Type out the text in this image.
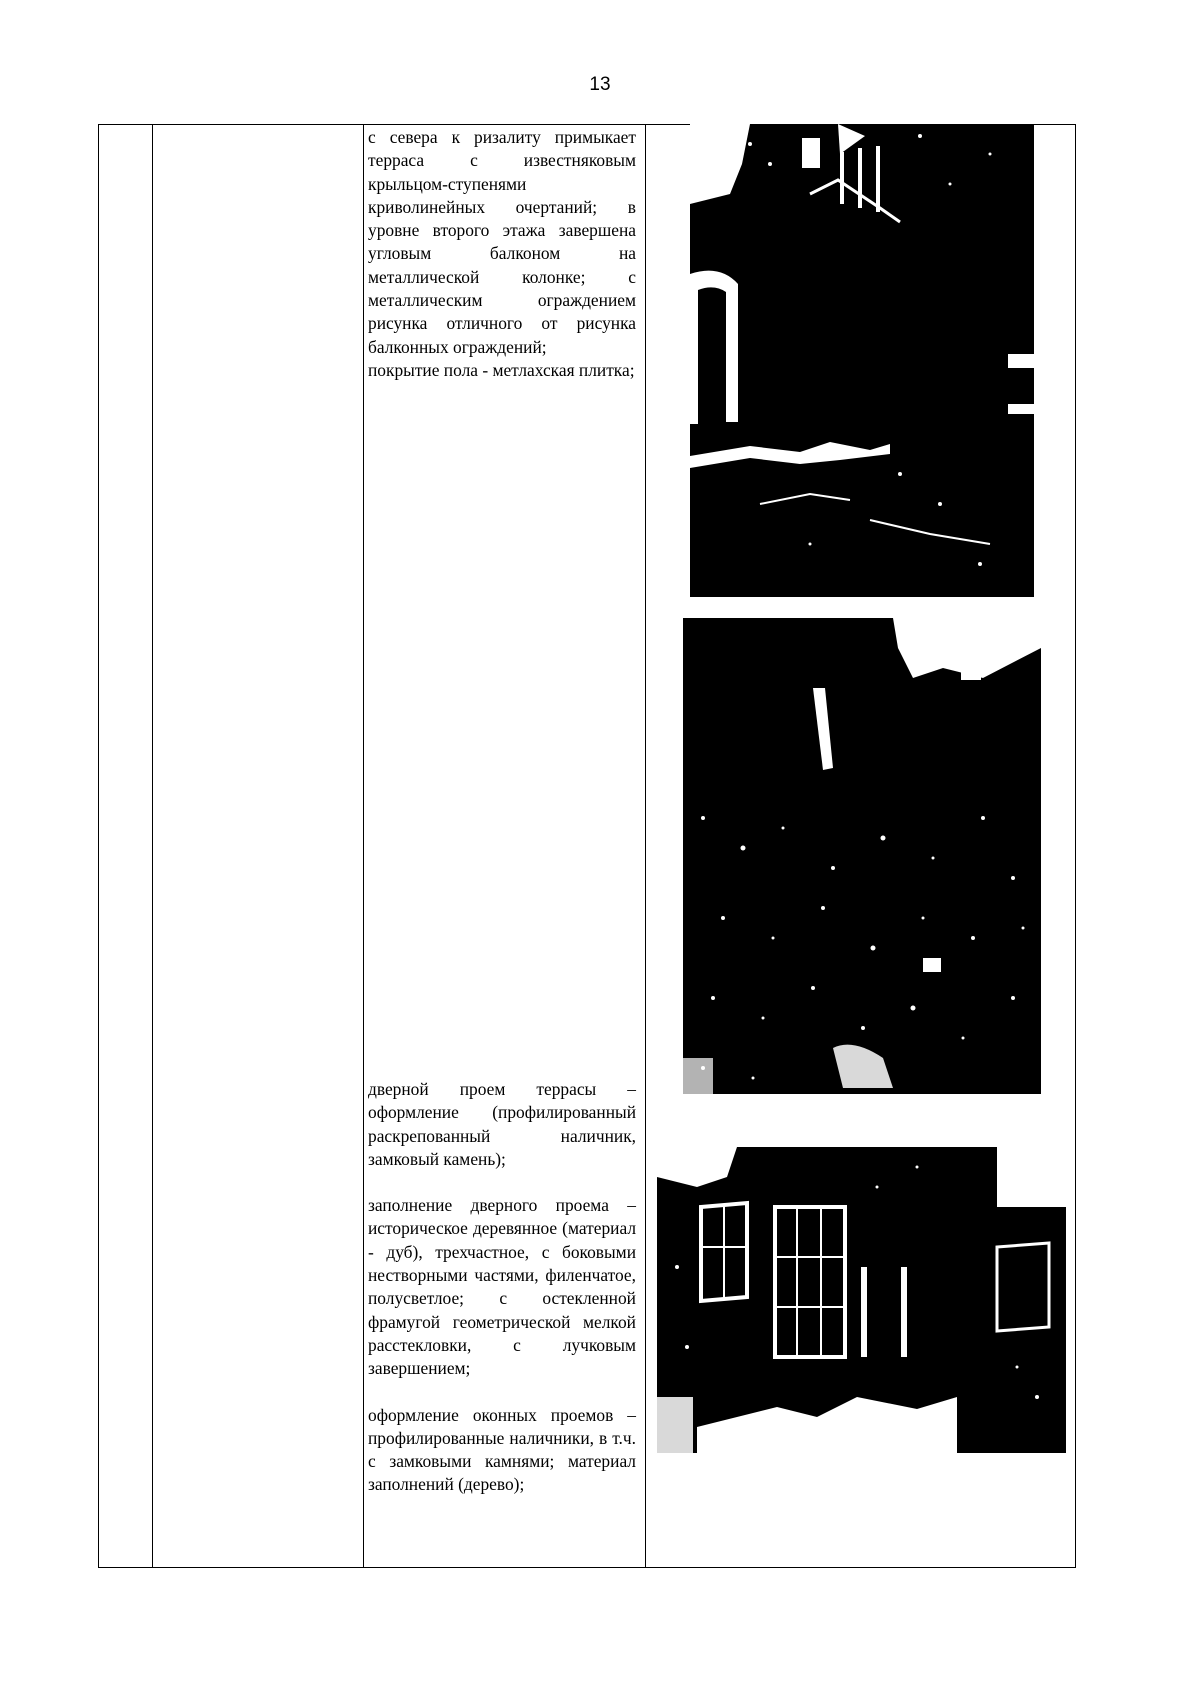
13

с севера к ризалиту примыкает терраса с известняковым крыльцом-ступенями криволинейных очертаний; в уровне второго этажа завершена угловым балконом на металлической колонке; с металлическим ограждением рисунка отличного от рисунка балконных ограждений;

покрытие пола - метлахская плитка;

дверной проем террасы – оформление (профилированный раскрепованный наличник, замковый камень);

заполнение дверного проема – историческое деревянное (материал - дуб), трехчастное, с боковыми нестворными частями, филенчатое, полусветлое; с остекленной фрамугой геометрической мелкой расстекловки, с лучковым завершением;

оформление оконных проемов – профилированные наличники, в т.ч. с замковыми камнями; материал заполнений (дерево);
